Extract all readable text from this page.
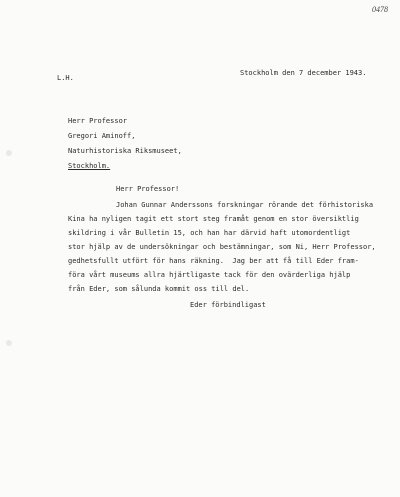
0478
L.H.
Stockholm den 7 december 1943.
Herr Professor
Gregori Aminoff,
Naturhistoriska Riksmuseet,
Stockholm.
Herr Professor!
Johan Gunnar Anderssons forskningar rörande det förhistoriska
Kina ha nyligen tagit ett stort steg framåt genom en stor översiktlig
skildring i vår Bulletin 15, och han har därvid haft utomordentligt
stor hjälp av de undersökningar och bestämningar, som Ni, Herr Professor,
gedhetsfullt utfört för hans räkning.  Jag ber att få till Eder fram-
föra vårt museums allra hjärtligaste tack för den ovärderliga hjälp
från Eder, som sålunda kommit oss till del.
Eder förbindligast
